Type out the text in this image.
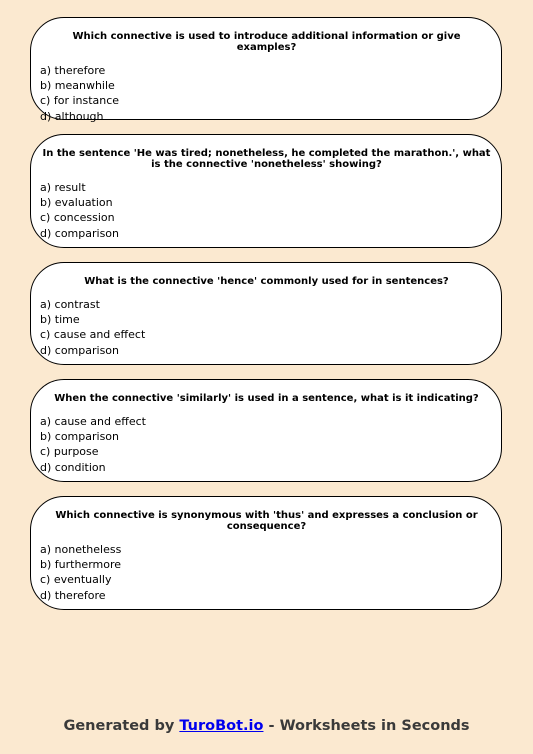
Which connective is used to introduce additional information or give examples?
a) therefore
b) meanwhile
c) for instance
d) although
In the sentence 'He was tired; nonetheless, he completed the marathon.', what is the connective 'nonetheless' showing?
a) result
b) evaluation
c) concession
d) comparison
What is the connective 'hence' commonly used for in sentences?
a) contrast
b) time
c) cause and effect
d) comparison
When the connective 'similarly' is used in a sentence, what is it indicating?
a) cause and effect
b) comparison
c) purpose
d) condition
Which connective is synonymous with 'thus' and expresses a conclusion or consequence?
a) nonetheless
b) furthermore
c) eventually
d) therefore
Generated by TuroBot.io - Worksheets in Seconds
